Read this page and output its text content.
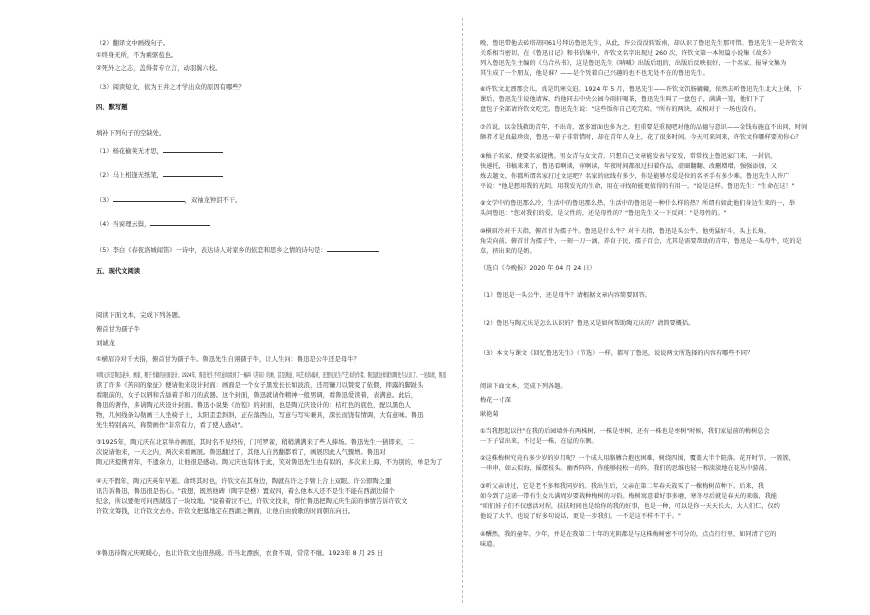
（2）翻译文中画线句子。
①终身无所，不为乘驱苞也。
②死外之之志，盖得者专立言，动羽翼六校。
（3）阅读短文，依为王井之才学出众的原因有哪些？
四、默写题
填补下列句子的空缺处。
（1）杨花榆荚无才思，
（2）马上相逢无纸笔，
（3）	，双袖龙钟泪不干。
（4）当窗理云鬓，
（5）李白《春夜洛城闻笛》一诗中，表达诗人对家乡的依恋和思乡之情的诗句是：
五、现代文阅读
阅读下面文本，完成下列各题。
俯首甘为孺子牛
刘诚龙
①横眉冷对千夫指，俯首甘为孺子牛。鲁迅先生自诩孺子牛，让人生问：鲁迅是公牛还是母牛？
②陶元庆是鲁迅老乡，画家，精于书籍的封面设计。1924年，鲁迅先生不经意间看到了一幅叫《苦闷》的画，甚是满意，叫艺术的魂灵，还想见见生产艺术的作者。鲁迅就这样就知陶先生认识了。一见如故，鲁迅
读了许多《苦闷的象征》便请他来设计封面：画面是一个女子黑发长长如波浪，还用镰刀以赞变了依偎，摔露的脚趾头
看眼前的，女子以唇和舌舔着手和刀的武器。这个封面，鲁迅就请作精神一般男调，看鲁迅爱读着，表满意。此后，
鲁迅的著作，多请陶元庆设计封面。鲁迅小说集《彷徨》的封面，也是陶元庆设计的：桔红色的底色，配以黑色人
物，几何线条勾勒画三人坐椅子上，太阳歪歪斜斜，正在落西山，写意与写实兼具，深长而饶有情调，大有意味。鲁迅
先生特别高兴，称赞画作"非常有力，看了使人感动"。
③1925年，陶元庆在北京举办画展，其时名不见经传，门可罗雀，稍稍满满来了些人捧场。鲁迅先生一猜即来，二
次说请他来，一天之内，两次来看画展。鲁迅翻过了，其他人自然翻都看了，画展因此人气骤增。鲁迅对
陶元庆提携青年，不遗余力，让他很是感动。陶元庆也有体于此，笑对鲁迅先生也有似的，多次来上海，不为别的，单是为了
④天不假年，陶元庆英年早逝。命终其时也，许钦文在其身边，陶就在许之手臂上合上双眼。许公即陶之噩
讯告诉鲁迅，鲁迅很是伤心。"我想，既然他碑（陶字是樵）置双四，着么他本人还不是生不能在西湖边留个
纪念，所以要他可问西湖选了一块坟地。"说着着泣不已，许钦文找来，帮忙鲁迅把陶元庆生前的事情告诉许钦文
许钦文筹钱，让许钦文去办。许钦文把墓地定在西湖之侧面，让他自由放歌的时间朝东向日。
⑤鲁迅待陶元庆呢暖心，也让许钦文也很热暖。许当北漂族，衣食不周，常常不继。1923年 8 月 25 日
晚，鲁迅带他去砖塔胡同61号拜访鲁迅先生，从此，许公没没转饭南，却认识了鲁迅先生那可惜。鲁迅先生一是许钦文
关系相当密切，在《鲁迅日记》和书信集中，许钦文名字出现过 260 次，许钦文第一本短篇小说集《故乡》
列入鲁迅先生主编的《乌合丛书》，这是鲁迅先生《呐喊》出版后组的，出版后反映很好，一个名家，报导文集为
其生成了一个朋友，他是谁？——是个凭着自己兴趣的也不也无处不在的鲁迅先生。
⑥许钦文北漂那会儿，真是饥寒交迫。1924 年 5 月，鲁迅先生——许钦文饥肠辘辘，依然去听鲁迅先生北大上课，下
课后，鲁迅先生说他请客，约他同去中央公园今雨轩喝茶，鲁迅先生叫了一盘包子，满满一笼，他们下了
盘包子全部请许钦文吃完。鲁迅先生说："这些饭你自己吃完哈。"所有的两块，或相对于 一场也没有。
⑦首说，以金钱救助青年，不出奇，富多富面也多为之，但重要是重视吧对他的品德与意识——金钱布施直不出问，时间
颇者才是真最珍贵，鲁迅一辈子非常惜时，却在青年人身上，花了很多时间。今天可来问来，许钦文你哪样要劝你心？
⑧稿子名家，便要名家提携。男女青与女文青，只想自己文章能发表与安发，常常找上鲁迅家门来，一封信，
快递托，书稿来来了，鲁迅看啊谈，审啊读，年夜时间都很过扫着作品，虚圈翻翻、改删增增，强强添加，又
炼去题文。你都所谓名家打过文运吧？名家的底线有多少，你是能够尽爱是位的名圣手有多少难。鲁迅先生人许广
平说："他是想用我的光阴，用我发光的生命，用在寻找陌能更值得的有用一。"说是这样。鲁迅先生："生命在这！"
⑨文学中的鲁迅那么冷，生活中的鲁迅那么热，生活中的鲁迅是一种什么样的热？所谓有如此他们身边生来的一，举
头问鲁迅："您对我们的爱，是父性的，还是母性的？"鲁迅先生又一下反问："是母性的。"
⑩横眉冷对千夫指，俯首甘为孺子牛。鲁迅是什么牛？对千夫指，鲁迅是头公牛，他勇猛好斗，头上长角，
角尖向前，俯首甘为孺子牛，一刻一刀一滴，养育子民，孺子百会，尤其是需要帮助的青年，鲁迅是一头母牛，吃的是
草，挤出来的是奶。
（选自《今晚报》2020 年 04 月 24 日）
（1）鲁迅是一头公牛，还是母牛？请根据文章内容简要回答。
（2）鲁迅与陶元庆是怎么认识的？鲁迅又是如何帮助陶元庆的？请简要概括。
（3）本文与课文《回忆鲁迅先生》（节选）一样，都写了鲁迅，说说两文所选择的内容有哪些不同？
阅读下面文本，完成下列各题。
梅花一寸深
耿艳菊
①当我想起以往"在我的后园墙外有两株树，一株是枣树，还有一株也是枣树"时候，我们家屋前的梅树总会
一下子冒出来，不过是一株，在屋的东侧。
②这株梅树究竟有多少岁的岁月呢？一个成人用胳膊合抱也困难，树绕四围，覆盖大半个院落。花开时节，一簇簇，
一串串，如云似海，摇摆枝头。幽香阵阵，你能够轻松一的阵，我们的思维也轻一和淡淡地在花丛中游荡。
③听父亲讲过，它是老不多和我同岁的。我出生后，父亲在第二年春天栽买了一棵梅树苗种下。后来，我
如今到了这诺一带有生女儿满周岁要栽种梅树的习俗。梅树寓意着好事多磨，寒冬尽后就是春天的来临，我能
"咱们娃子们不仅感活对捏，扶扶时间也是给你的我的好事，也是一种，可以是你一天天长大，大人们仁，仅约
他说了大半，也说了好多句说话，更是一步我们。一不是这不样不干千。"
④酬然，我的童年，少年，并是在我第二十年的光阴都是与这株梅树密不可分的，点点行行里，如同清了它的
味道。
